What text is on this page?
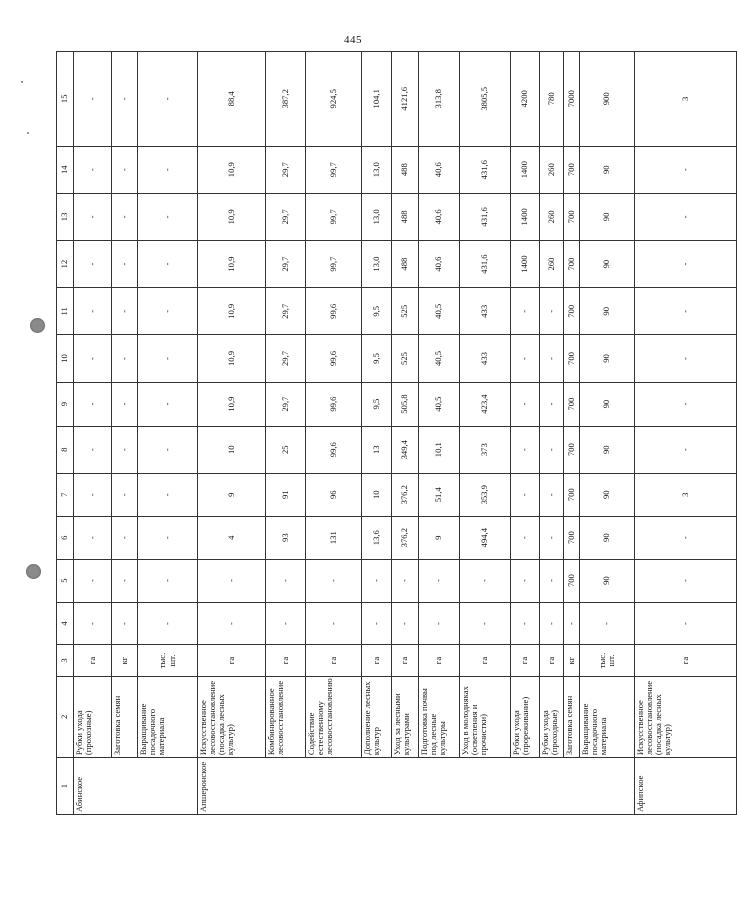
445
1	2	3	4	5	6	7	8	9	10	11	12	13	14	15
Абинское	Рубки ухода (прохозные)	га	-	-	-	-	-	-	-	-	-	-	-	-
	Заготовка семян	кг	-	-	-	-	-	-	-	-	-	-	-	-
	Выращивание посадочного материала	тыс. шт.	-	-	-	-	-	-	-	-	-	-	-	-
Апшеронское	Искусственное лесовосстановление (посадка лесных культур)	га	-	-	4	9	10	10,9	10,9	10,9	10,9	10,9	10,9	88,4
	Комбинированное лесовосстановление	га	-	-	93	91	25	29,7	29,7	29,7	29,7	29,7	29,7	387,2
	Содействие естественному лесовосстановлению	га	-	-	131	96	99,6	99,6	99,6	99,6	99,7	99,7	99,7	924,5
	Дополнение лесных культур	га	-	-	13,6	10	13	9,5	9,5	9,5	13,0	13,0	13,0	104,1
	Уход за лесными культурами	га	-	-	376,2	376,2	349,4	505,8	525	525	488	488	488	4121,6
	Подготовка почвы под лесные культуры	га	-	-	9	51,4	10,1	40,5	40,5	40,5	40,6	40,6	40,6	313,8
	Уход в молодняках (осветления и прочистки)	га	-	-	494,4	353,9	373	423,4	433	433	431,6	431,6	431,6	3805,5
	Рубки ухода (прореживание)	га	-	-	-	-	-	-	-	-	1400	1400	1400	4200
	Рубки ухода (проходные)	га	-	-	-	-	-	-	-	-	260	260	260	780
	Заготовка семян	кг	-	700	700	700	700	700	700	700	700	700	700	7000
	Выращивание посадочного материала	тыс. шт.	-	90	90	90	90	90	90	90	90	90	90	900
Афипское	Искусственное лесовосстановление (посадка лесных культур)	га	-	-	-	3	-	-	-	-	-	-	-	3
